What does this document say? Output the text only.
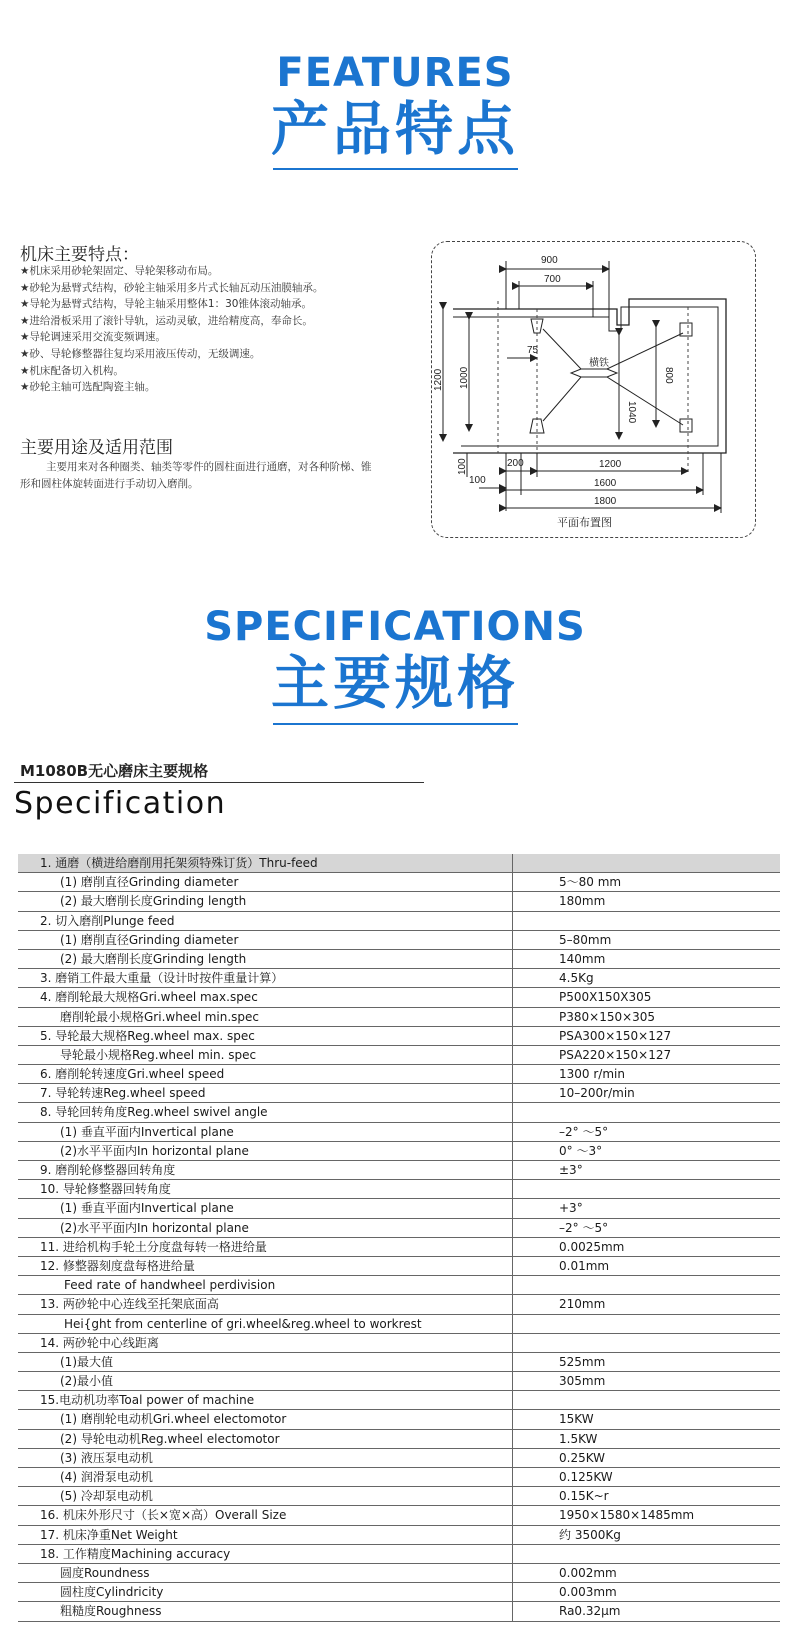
FEATURES
产品特点
机床主要特点：
★机床采用砂轮架固定、导轮架移动布局。
★砂轮为悬臂式结构，砂轮主轴采用多片式长轴瓦动压油膜轴承。
★导轮为悬臂式结构，导轮主轴采用整体1：30锥体滚动轴承。
★进给滑板采用了滚针导轨，运动灵敏，进给精度高，奉命长。
★导轮调速采用交流变频调速。
★砂、导轮修整器往复均采用液压传动，无级调速。
★机床配备切入机构。
★砂轮主轴可选配陶瓷主轴。
主要用途及适用范围
主要用来对各种圈类、轴类等零件的圆柱面进行通磨，对各种阶梯、锥形和圆柱体旋转面进行手动切入磨削。
横铁
900
700
1200 1000
75
1040
800
100	200	1200
100	1600
1800
平面布置图
SPECIFICATIONS
主要规格
M1080B无心磨床主要规格
Specification
1. 通磨（横进给磨削用托架须特殊订货）Thru-feed
(1) 磨削直径Grinding diameter	5～80 mm
(2) 最大磨削长度Grinding length	180mm
2. 切入磨削Plunge feed
(1) 磨削直径Grinding diameter	5–80mm
(2) 最大磨削长度Grinding length	140mm
3. 磨销工件最大重量（设计时按件重量计算）	4.5Kg
4. 磨削轮最大规格Gri.wheel max.spec	P500X150X305
磨削轮最小规格Gri.wheel min.spec	P380×150×305
5. 导轮最大规格Reg.wheel max. spec	PSA300×150×127
导轮最小规格Reg.wheel min. spec	PSA220×150×127
6. 磨削轮转速度Gri.wheel speed	1300 r/min
7. 导轮转速Reg.wheel speed	10–200r/min
8. 导轮回转角度Reg.wheel swivel angle
(1) 垂直平面内Invertical plane	–2° ～5°
(2)水平平面内In horizontal plane	0° ～3°
9. 磨削轮修整器回转角度	±3°
10. 导轮修整器回转角度
(1) 垂直平面内Invertical plane	+3°
(2)水平平面内In horizontal plane	–2° ～5°
11. 进给机构手轮土分度盘每转一格进给量	0.0025mm
12. 修整器刻度盘每格进给量	0.01mm
Feed rate of handwheel perdivision
13. 两砂轮中心连线至托架底面高	210mm
Hei{ght from centerline of gri.wheel&reg.wheel to workrest
14. 两砂轮中心线距离
(1)最大值	525mm
(2)最小值	305mm
15.电动机功率Toal power of machine
(1) 磨削轮电动机Gri.wheel electomotor	15KW
(2) 导轮电动机Reg.wheel electomotor	1.5KW
(3) 液压泵电动机	0.25KW
(4) 润滑泵电动机	0.125KW
(5) 冷却泵电动机	0.15K~r
16. 机床外形尺寸（长×宽×高）Overall Size	1950×1580×1485mm
17. 机床净重Net Weight	约 3500Kg
18. 工作精度Machining accuracy
圆度Roundness	0.002mm
圆柱度Cylindricity	0.003mm
粗糙度Roughness	Ra0.32μm
